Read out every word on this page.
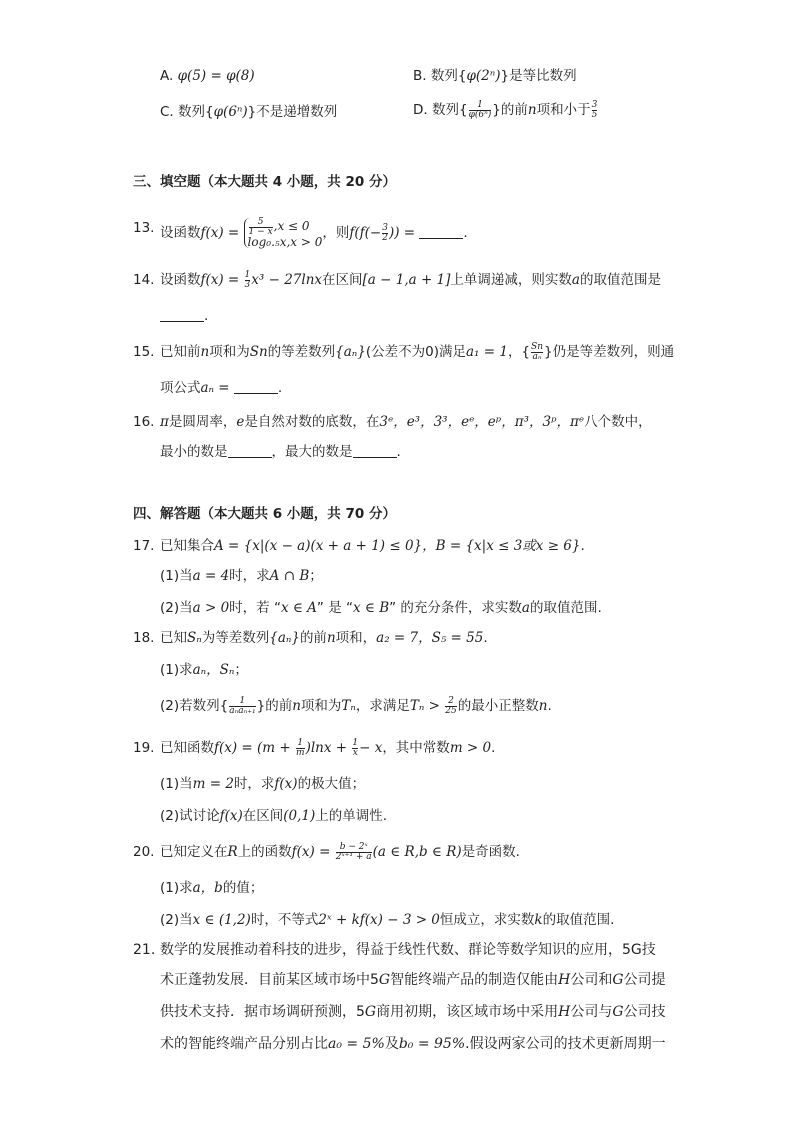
A. φ(5) = φ(8)	B. 数列{φ(2ⁿ)}是等比数列
C. 数列{φ(6ⁿ)}不是递增数列	D. 数列{ $\frac{1}{\text{φ(6ⁿ)}}$ }的前n项和小于 $\frac{3}{5}$
三、填空题（本大题共 4 小题，共 20 分）
13. 设函数$f(x) = \frac{5}{1 - x} ,x \le 0$
log₀.₅x,x > 0
，则$f(f(- \frac{3}{2}$ )) =	.
14. 设函数$f(x) = \frac{1}{3} x^3 - 27\ln x$在区间[a − 1,a + 1]上单调递减，则实数a的取值范围是
.
15. 已知前n项和为Sn的等差数列{aₙ}(公差不为0)满足a₁ = 1，{ $\frac{Sn}{\text{aₙ}}$ }仍是等差数列，则通
项公式aₙ =	.
16. π是圆周率，e是自然对数的底数，在3ᵉ，e³，3³，eᵉ，eᵖ，π³，3ᵖ，πᵉ八个数中，
最小的数是	，最大的数是	.
四、解答题（本大题共 6 小题，共 70 分）
17. 已知集合A = {x|(x − a)(x + a + 1) ≤ 0}，B = {x|x ≤ 3或x ≥ 6}.
(1)当a = 4时，求A ∩ B；
(2)当a > 0时，若 “x ∈ A” 是 “x ∈ B” 的充分条件，求实数a的取值范围.
18. 已知Sₙ为等差数列{aₙ}的前n项和，a₂ = 7，S₅ = 55.
(1)求aₙ，Sₙ；
(2)若数列{ $\frac{1}{\text{aₙaₙ₊₁}}$ }的前n项和为Tₙ，求满足$T_n > \frac{2}{25}$ 的最小正整数n.
19. 已知函数$f(x) = (m + \frac{1}{m} )\ln x + \frac{1}{x} - x$，其中常数m > 0.
(1)当m = 2时，求f(x)的极大值；
(2)试讨论f(x)在区间(0,1)上的单调性.
20. 已知定义在R上的函数$f(x) = \frac{\text{b − 2ˣ}}{\text{2ˣ⁺¹ + a}} (a$ ∈ R,b ∈ R)是奇函数.
(1)求a，b的值；
(2)当x ∈ (1,2)时，不等式2ˣ + kf(x) − 3 > 0恒成立，求实数k的取值范围.
21. 数学的发展推动着科技的进步，得益于线性代数、群论等数学知识的应用，5G技
术正蓬勃发展．目前某区域市场中5G智能终端产品的制造仅能由H公司和G公司提
供技术支持．据市场调研预测，5G商用初期，该区域市场中采用H公司与G公司技
术的智能终端产品分别占比a₀ = 5%及b₀ = 95%.假设两家公司的技术更新周期一
